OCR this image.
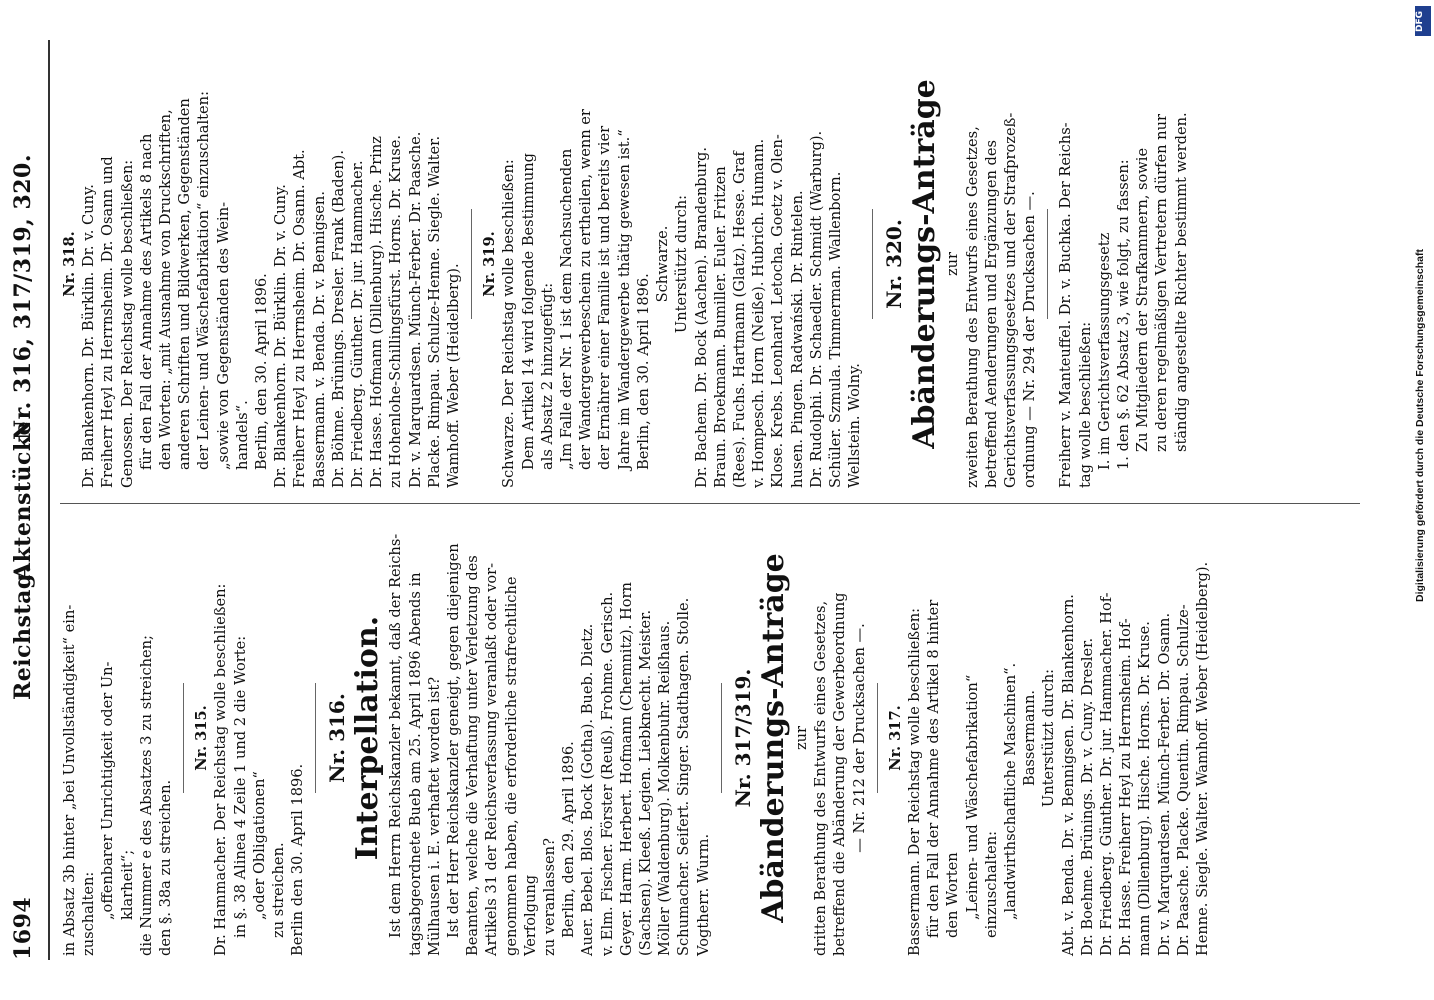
1694
Reichstag.
Aktenstücke
Nr. 316, 317/319, 320.

in Absatz 3b hinter „bei Unvollständigkeit“ ein- zuschalten: „offenbarer Unrichtigkeit oder Un- klarheit“; die Nummer e des Absatzes 3 zu streichen; den §. 38a zu streichen.

Nr. 315. Dr. Hammacher. Der Reichstag wolle beschließen: in §. 38 Alinea 4 Zeile 1 und 2 die Worte: „oder Obligationen“ zu streichen. Berlin den 30. April 1896.

Nr. 316. Interpellation. Ist dem Herrn Reichskanzler bekannt, daß der Reichs- tagsabgeordnete Bueb am 25. April 1896 Abends in Mülhausen i. E. verhaftet worden ist? Ist der Herr Reichskanzler geneigt, gegen diejenigen Beamten, welche die Verhaftung unter Verletzung des Artikels 31 der Reichsverfassung veranlaßt oder vor- genommen haben, die erforderliche strafrechtliche Verfolgung zu veranlassen? Berlin, den 29. April 1896. Auer. Bebel. Blos. Bock (Gotha). Bueb. Dietz. v. Elm. Fischer. Förster (Reuß). Frohme. Gerisch. Geyer. Harm. Herbert. Hofmann (Chemnitz). Horn (Sachsen). Kleeß. Legien. Liebknecht. Meister. Möller (Waldenburg). Molkenbuhr. Reißhaus. Schumacher. Seifert. Singer. Stadthagen. Stolle. Vogtherr. Wurm.

Nr. 317/319. Abänderungs-Anträge zur dritten Berathung des Entwurfs eines Gesetzes, betreffend die Abänderung der Gewerbeordnung — Nr. 212 der Drucksachen —. Nr. 317. Bassermann. Der Reichstag wolle beschließen: für den Fall der Annahme des Artikel 8 hinter den Worten „Leinen- und Wäschefabrikation“ einzuschalten: „landwirthschaftliche Maschinen“. Bassermann. Unterstützt durch: Abt. v. Benda. Dr. v. Bennigsen. Dr. Blankenhorn. Dr. Boehme. Brünings. Dr. v. Cuny. Dresler. Dr. Friedberg. Günther. Dr. jur. Hammacher. Hof- Dr. Hasse. Freiherr Heyl zu Herrnsheim. Hof- mann (Dillenburg). Hische. Horns. Dr. Kruse. Dr. v. Marquardsen. Münch-Ferber. Dr. Osann. Dr. Paasche. Placke. Quentin. Rimpau. Schulze- Henne. Siegle. Walter. Wamhoff. Weber (Heidelberg).

Nr. 318. Dr. Blankenhorn. Dr. Bürklin. Dr. v. Cuny. Freiherr Heyl zu Herrnsheim. Dr. Osann und Genossen. Der Reichstag wolle beschließen: für den Fall der Annahme des Artikels 8 nach den Worten: „mit Ausnahme von Druckschriften, anderen Schriften und Bildwerken, Gegenständen der Leinen- und Wäschefabrikation“ einzuschalten: „sowie von Gegenständen des Wein- handels“. Berlin, den 30. April 1896. Dr. Blankenhorn. Dr. Bürklin. Dr. v. Cuny. Freiherr Heyl zu Herrnsheim. Dr. Osann. Abt. Bassermann. v. Benda. Dr. v. Bennigsen. Dr. Böhme. Brünings. Dresler. Frank (Baden). Dr. Friedberg. Günther. Dr. jur. Hammacher. Dr. Hasse. Hofmann (Dillenburg). Hische. Prinz zu Hohenlohe-Schillingsfürst. Horns. Dr. Kruse. Dr. v. Marquardsen. Münch-Ferber. Dr. Paasche. Placke. Rimpau. Schulze-Henne. Siegle. Walter. Wamhoff. Weber (Heidelberg). Nr. 319. Schwarze. Der Reichstag wolle beschließen: Dem Artikel 14 wird folgende Bestimmung als Absatz 2 hinzugefügt: „Im Falle der Nr. 1 ist dem Nachsuchenden der Wandergewerbeschein zu ertheilen, wenn er der Ernährer einer Familie ist und bereits vier Jahre im Wandergewerbe thätig gewesen ist.“ Berlin, den 30. April 1896.

Schwarze. Unterstützt durch: Dr. Bachem. Dr. Bock (Aachen). Brandenburg. Braun. Broekmann. Bumiller. Euler. Fritzen (Rees). Fuchs. Hartmann (Glatz). Hesse. Graf v. Hompesch. Horn (Neiße). Hubrich. Humann. Klose. Krebs. Leonhard. Letocha. Goetz v. Olen- husen. Pingen. Radwański. Dr. Rintelen. Dr. Rudolphi. Dr. Schaedler. Schmidt (Warburg). Schüler. Szmula. Timmerman. Wallenborn. Wellstein. Wolny.

Nr. 320. Abänderungs-Anträge zur zweiten Berathung des Entwurfs eines Gesetzes, betreffend Aenderungen und Ergänzungen des Gerichtsverfassungsgesetzes und der Strafprozeß- ordnung — Nr. 294 der Drucksachen —. Freiherr v. Manteuffel. Dr. v. Buchka. Der Reichs- tag wolle beschließen: I. im Gerichtsverfassungsgesetz 1. den §. 62 Absatz 3, wie folgt, zu fassen: Zu Mitgliedern der Strafkammern, sowie zu deren regelmäßigen Vertretern dürfen nur ständig angestellte Richter bestimmt werden.

DFG
Digitalisierung gefördert durch die Deutsche Forschungsgemeinschaft
